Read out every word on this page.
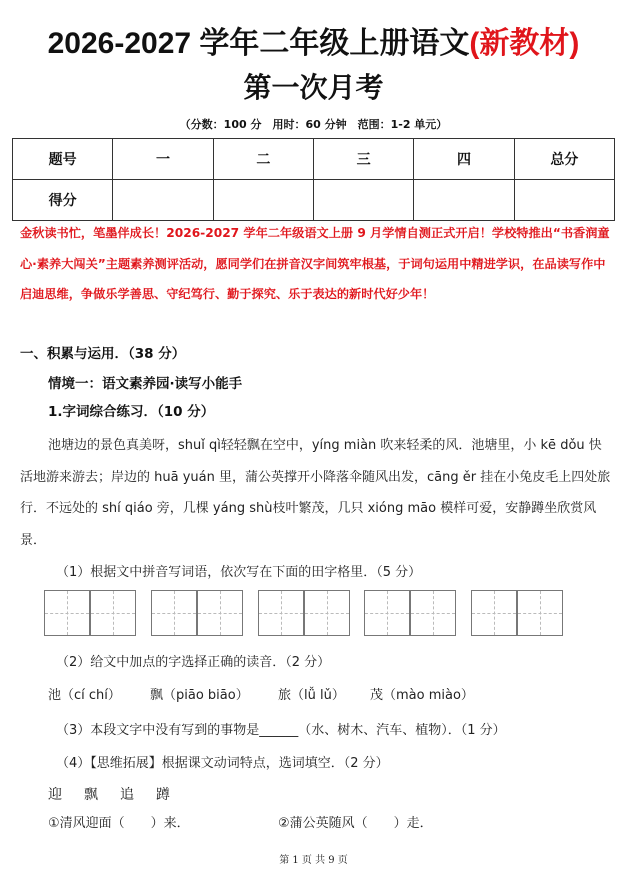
2026-2027 学年二年级上册语文(新教材)
第一次月考
（分数：100 分　用时：60 分钟　范围：1-2 单元）
题号	一	二	三	四	总分
得分					
金秋读书忙，笔墨伴成长！2026-2027 学年二年级语文上册 9 月学情自测正式开启！学校特推出“书香润童心·素养大闯关”主题素养测评活动，愿同学们在拼音汉字间筑牢根基，于词句运用中精进学识，在品读写作中启迪思维，争做乐学善思、守纪笃行、勤于探究、乐于表达的新时代好少年！
一、积累与运用．（38 分）
情境一：语文素养园·读写小能手
1.字词综合练习．（10 分）
池塘边的景色真美呀，shuǐ qì轻轻飘在空中，yíng miàn 吹来轻柔的风．池塘里，小 kē dǒu 快活地游来游去；岸边的 huā yuán 里，蒲公英撑开小降落伞随风出发，cāng ěr 挂在小兔皮毛上四处旅行．不远处的 shí qiáo 旁，几棵 yáng shù枝叶繁茂，几只 xióng māo 模样可爱，安静蹲坐欣赏风景．
（1）根据文中拼音写词语，依次写在下面的田字格里．（5 分）
（2）给文中加点的字选择正确的读音．（2 分）
池（cí chí） 飘（piāo biāo） 旅（lǚ lǔ） 茂（mào miào）
（3）本段文字中没有写到的事物是______（水、树木、汽车、植物）．（1 分）
（4）【思维拓展】根据课文动词特点，选词填空．（2 分）
迎 飘 追 蹲
①清风迎面（　　）来．	②蒲公英随风（　　）走．
第 1 页 共 9 页
